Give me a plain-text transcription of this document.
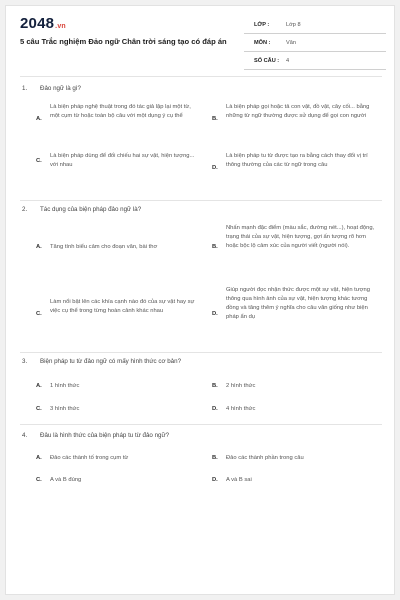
2048.vn
5 câu Trắc nghiệm Đảo ngữ Chân trời sáng tạo có đáp án
LỚP :	Lớp 8
MÔN :	Văn
SỐ CÂU : 4
1. Đảo ngữ là gì?
A.
Là biện pháp nghệ thuật trong đó tác giả lặp lại một từ, một cụm từ hoặc toàn bộ câu với một dụng ý cụ thể
B.
Là biện pháp gọi hoặc tả con vật, đồ vật, cây cối... bằng những từ ngữ thường được sử dụng để gọi con người
C.
Là biện pháp dùng để đối chiếu hai sự vật, hiện tượng... với nhau
D.
Là biện pháp tu từ được tạo ra bằng cách thay đổi vị trí thông thường của các từ ngữ trong câu
2. Tác dụng của biện pháp đảo ngữ là?
A. Tăng tính biểu cảm cho đoạn văn, bài thơ	B.
Nhấn mạnh đặc điểm (màu sắc, đường nét...), hoạt động, trạng thái của sự vật, hiện tượng, gợi ấn tượng rõ hơn hoặc bộc lộ cảm xúc của người viết (người nói).
C.
Làm nổi bật lên các khía cạnh nào đó của sự vật hay sự việc cụ thể trong từng hoàn cảnh khác nhau
D.
Giúp người đọc nhận thức được một sự vật, hiện tượng thông qua hình ảnh của sự vật, hiện tượng khác tương đồng và tăng thêm ý nghĩa cho câu văn giống như biện pháp ẩn dụ
3. Biện pháp tu từ đảo ngữ có mấy hình thức cơ bản?
A. 1 hình thức	B. 2 hình thức
C. 3 hình thức	D. 4 hình thức
4. Đâu là hình thức của biện pháp tu từ đảo ngữ?
A. Đảo các thành tố trong cụm từ	B. Đảo các thành phần trong câu
C. A và B đúng	D. A và B sai
